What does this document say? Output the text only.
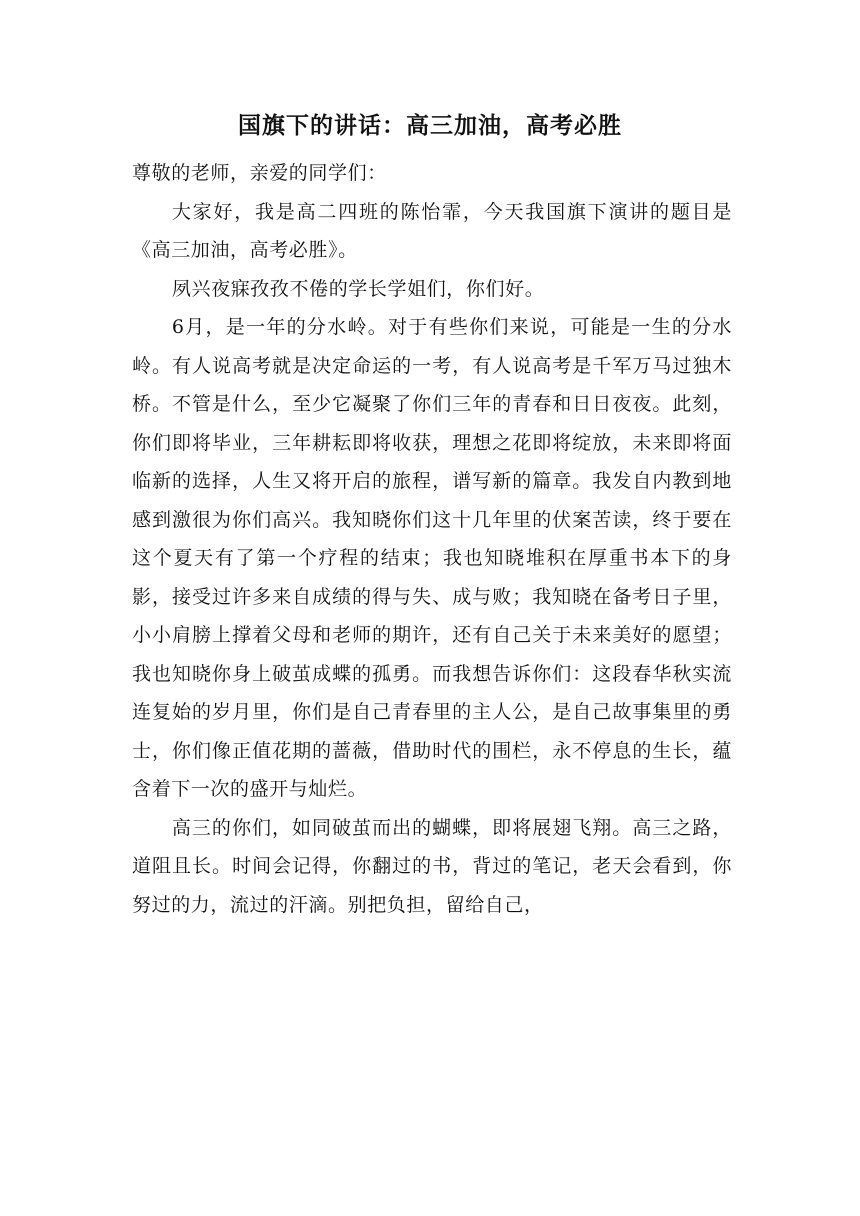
国旗下的讲话：高三加油，高考必胜

尊敬的老师，亲爱的同学们：

大家好，我是高二四班的陈怡霏，今天我国旗下演讲的题目是《高三加油，高考必胜》。

夙兴夜寐孜孜不倦的学长学姐们，你们好。

6月，是一年的分水岭。对于有些你们来说，可能是一生的分水岭。有人说高考就是决定命运的一考，有人说高考是千军万马过独木桥。不管是什么，至少它凝聚了你们三年的青春和日日夜夜。此刻，你们即将毕业，三年耕耘即将收获，理想之花即将绽放，未来即将面临新的选择，人生又将开启的旅程，谱写新的篇章。我发自内教到地感到激很为你们高兴。我知晓你们这十几年里的伏案苦读，终于要在这个夏天有了第一个疗程的结束；我也知晓堆积在厚重书本下的身影，接受过许多来自成绩的得与失、成与败；我知晓在备考日子里，小小肩膀上撑着父母和老师的期许，还有自己关于未来美好的愿望；我也知晓你身上破茧成蝶的孤勇。而我想告诉你们：这段春华秋实流连复始的岁月里，你们是自己青春里的主人公，是自己故事集里的勇士，你们像正值花期的蔷薇，借助时代的围栏，永不停息的生长，蕴含着下一次的盛开与灿烂。

高三的你们，如同破茧而出的蝴蝶，即将展翅飞翔。高三之路，道阻且长。时间会记得，你翻过的书，背过的笔记，老天会看到，你努过的力，流过的汗滴。别把负担，留给自己，
